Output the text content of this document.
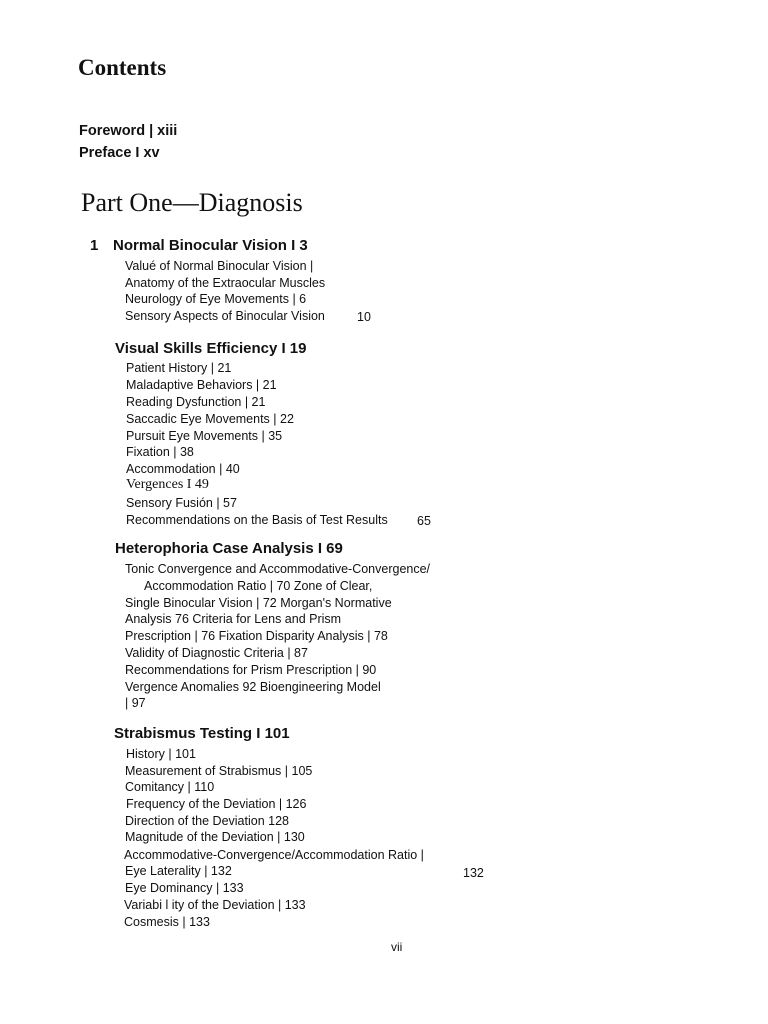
Contents
Foreword | xiii
Preface I xv
Part One—Diagnosis
1 Normal Binocular Vision I 3
Valué of Normal Binocular Vision |
Anatomy of the Extraocular Muscles
Neurology of Eye Movements | 6
Sensory Aspects of Binocular Vision	10
Visual Skills Efficiency I 19
Patient History | 21
Maladaptive Behaviors | 21
Reading Dysfunction | 21
Saccadic Eye Movements | 22
Pursuit Eye Movements | 35
Fixation | 38
Accommodation | 40
Vergences I 49
Sensory Fusión | 57
Recommendations on the Basis of Test Results 65
Heterophoria Case Analysis I 69
Tonic Convergence and Accommodative-Convergence/
Accommodation Ratio | 70 Zone of Clear,
Single Binocular Vision | 72 Morgan's Normative
Analysis 76 Criteria for Lens and Prism
Prescription | 76 Fixation Disparity Analysis | 78
Validity of Diagnostic Criteria | 87
Recommendations for Prism Prescription | 90
Vergence Anomalies 92 Bioengineering Model
| 97
Strabismus Testing I 101
History | 101
Measurement of Strabismus | 105
Comitancy | 110
Frequency of the Deviation | 126
Direction of the Deviation 128
Magnitude of the Deviation | 130
Accommodative-Convergence/Accommodation Ratio |
Eye Laterality | 132	132
Eye Dominancy | 133
Variabi l ity of the Deviation | 133
Cosmesis | 133
vii
